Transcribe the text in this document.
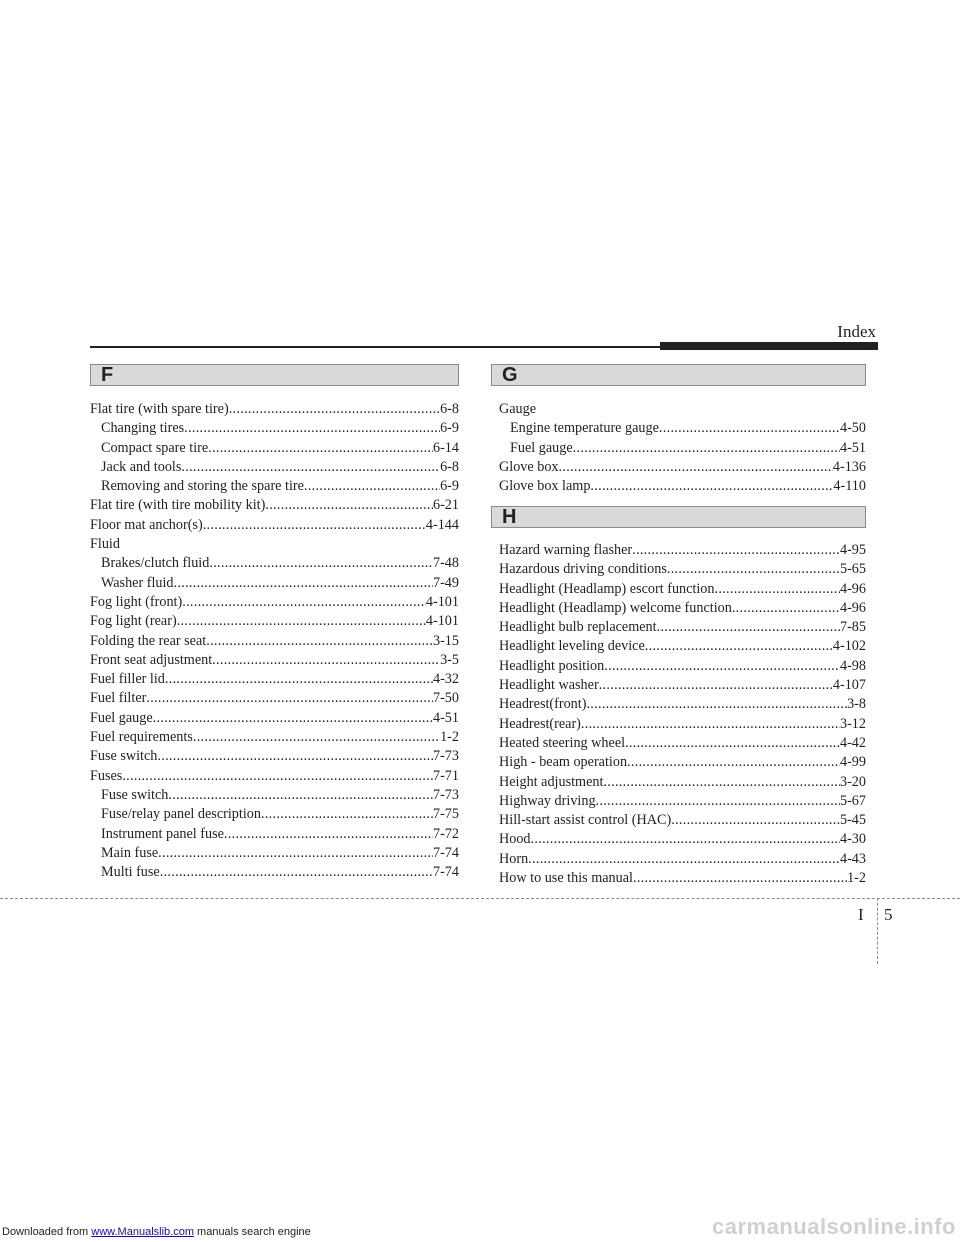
Index
F	G
H
Flat tire (with spare tire) .....	6-8
Changing tires .....	6-9
Compact spare tire .....	6-14
Jack and tools .....	6-8
Removing and storing the spare tire .....	6-9
Flat tire (with tire mobility kit) .....	6-21
Floor mat anchor(s) .....	4-144
Fluid
Brakes/clutch fluid .....	7-48
Washer fluid .....	7-49
Fog light (front) .....	4-101
Fog light (rear) .....	4-101
Folding the rear seat .....	3-15
Front seat adjustment .....	3-5
Fuel filler lid .....	4-32
Fuel filter .....	7-50
Fuel gauge .....	4-51
Fuel requirements .....	1-2
Fuse switch .....	7-73
Fuses .....	7-71
Fuse switch .....	7-73
Fuse/relay panel description .....	7-75
Instrument panel fuse .....	7-72
Main fuse .....	7-74
Multi fuse .....	7-74
Gauge
Engine temperature gauge .....	4-50
Fuel gauge .....	4-51
Glove box .....	4-136
Glove box lamp .....	4-110
Hazard warning flasher .....	4-95
Hazardous driving conditions .....	5-65
Headlight (Headlamp) escort function .....	4-96
Headlight (Headlamp) welcome function .....	4-96
Headlight bulb replacement .....	7-85
Headlight leveling device .....	4-102
Headlight position .....	4-98
Headlight washer .....	4-107
Headrest(front) .....	3-8
Headrest(rear) .....	3-12
Heated steering wheel .....	4-42
High - beam operation .....	4-99
Height adjustment .....	3-20
Highway driving .....	5-67
Hill-start assist control (HAC) .....	5-45
Hood .....	4-30
Horn .....	4-43
How to use this manual .....	1-2
I 5
Downloaded from www.Manualslib.com manuals search engine	carmanualsonline.info
